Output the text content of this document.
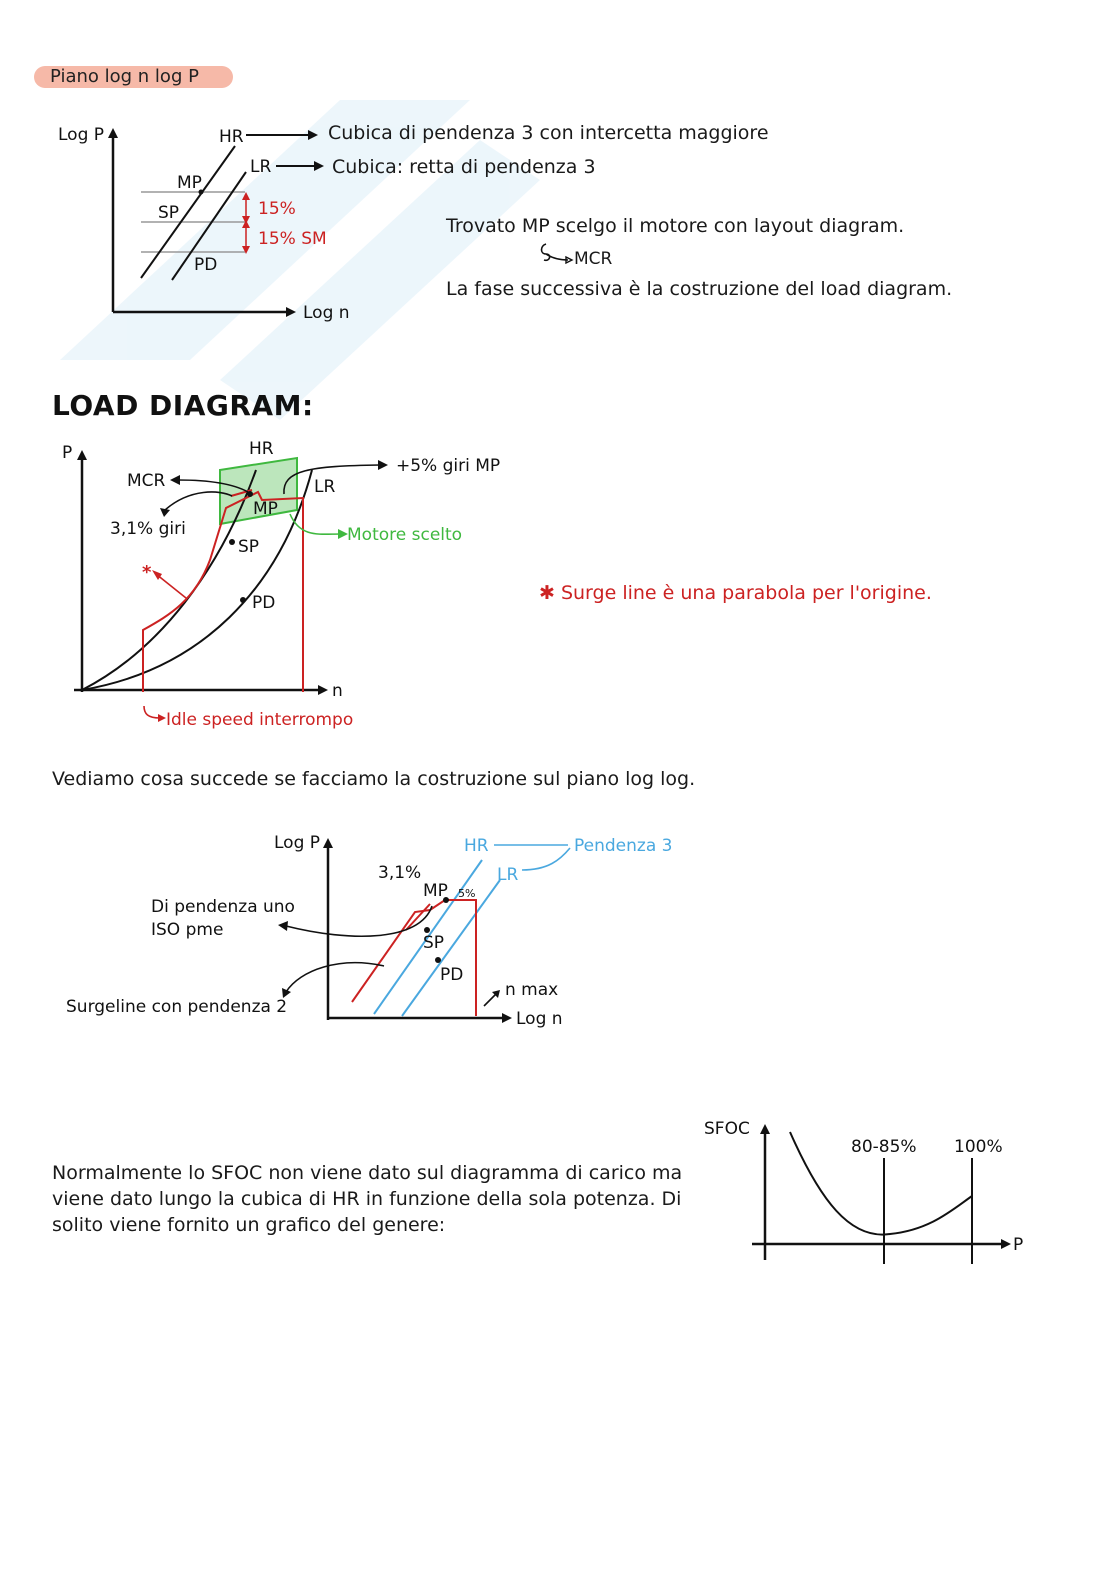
Piano log n log P
Log P
Log n
HR
LR
MP
SP
PD
15%
15% SM
Cubica di pendenza 3 con intercetta maggiore
Cubica: retta di pendenza 3
Trovato MP scelgo il motore con layout diagram.
MCR
La fase successiva è la costruzione del load diagram.
LOAD DIAGRAM:
P
n
HR
LR
MCR
3,1% giri
MP
SP
PD
+5% giri MP
Motore scelto
*
Idle speed interrompo
✱ Surge line è una parabola per l'origine.
Vediamo cosa succede se facciamo la costruzione sul piano log log.
Log P
Log n
HR
LR
Pendenza 3
3,1%
MP 5%
SP
PD
n max
Di pendenza uno
ISO pme
Surgeline con pendenza 2
Normalmente lo SFOC non viene dato sul diagramma di carico ma viene dato lungo la cubica di HR in funzione della sola potenza. Di solito viene fornito un grafico del genere:
SFOC
P
80-85% 100%
